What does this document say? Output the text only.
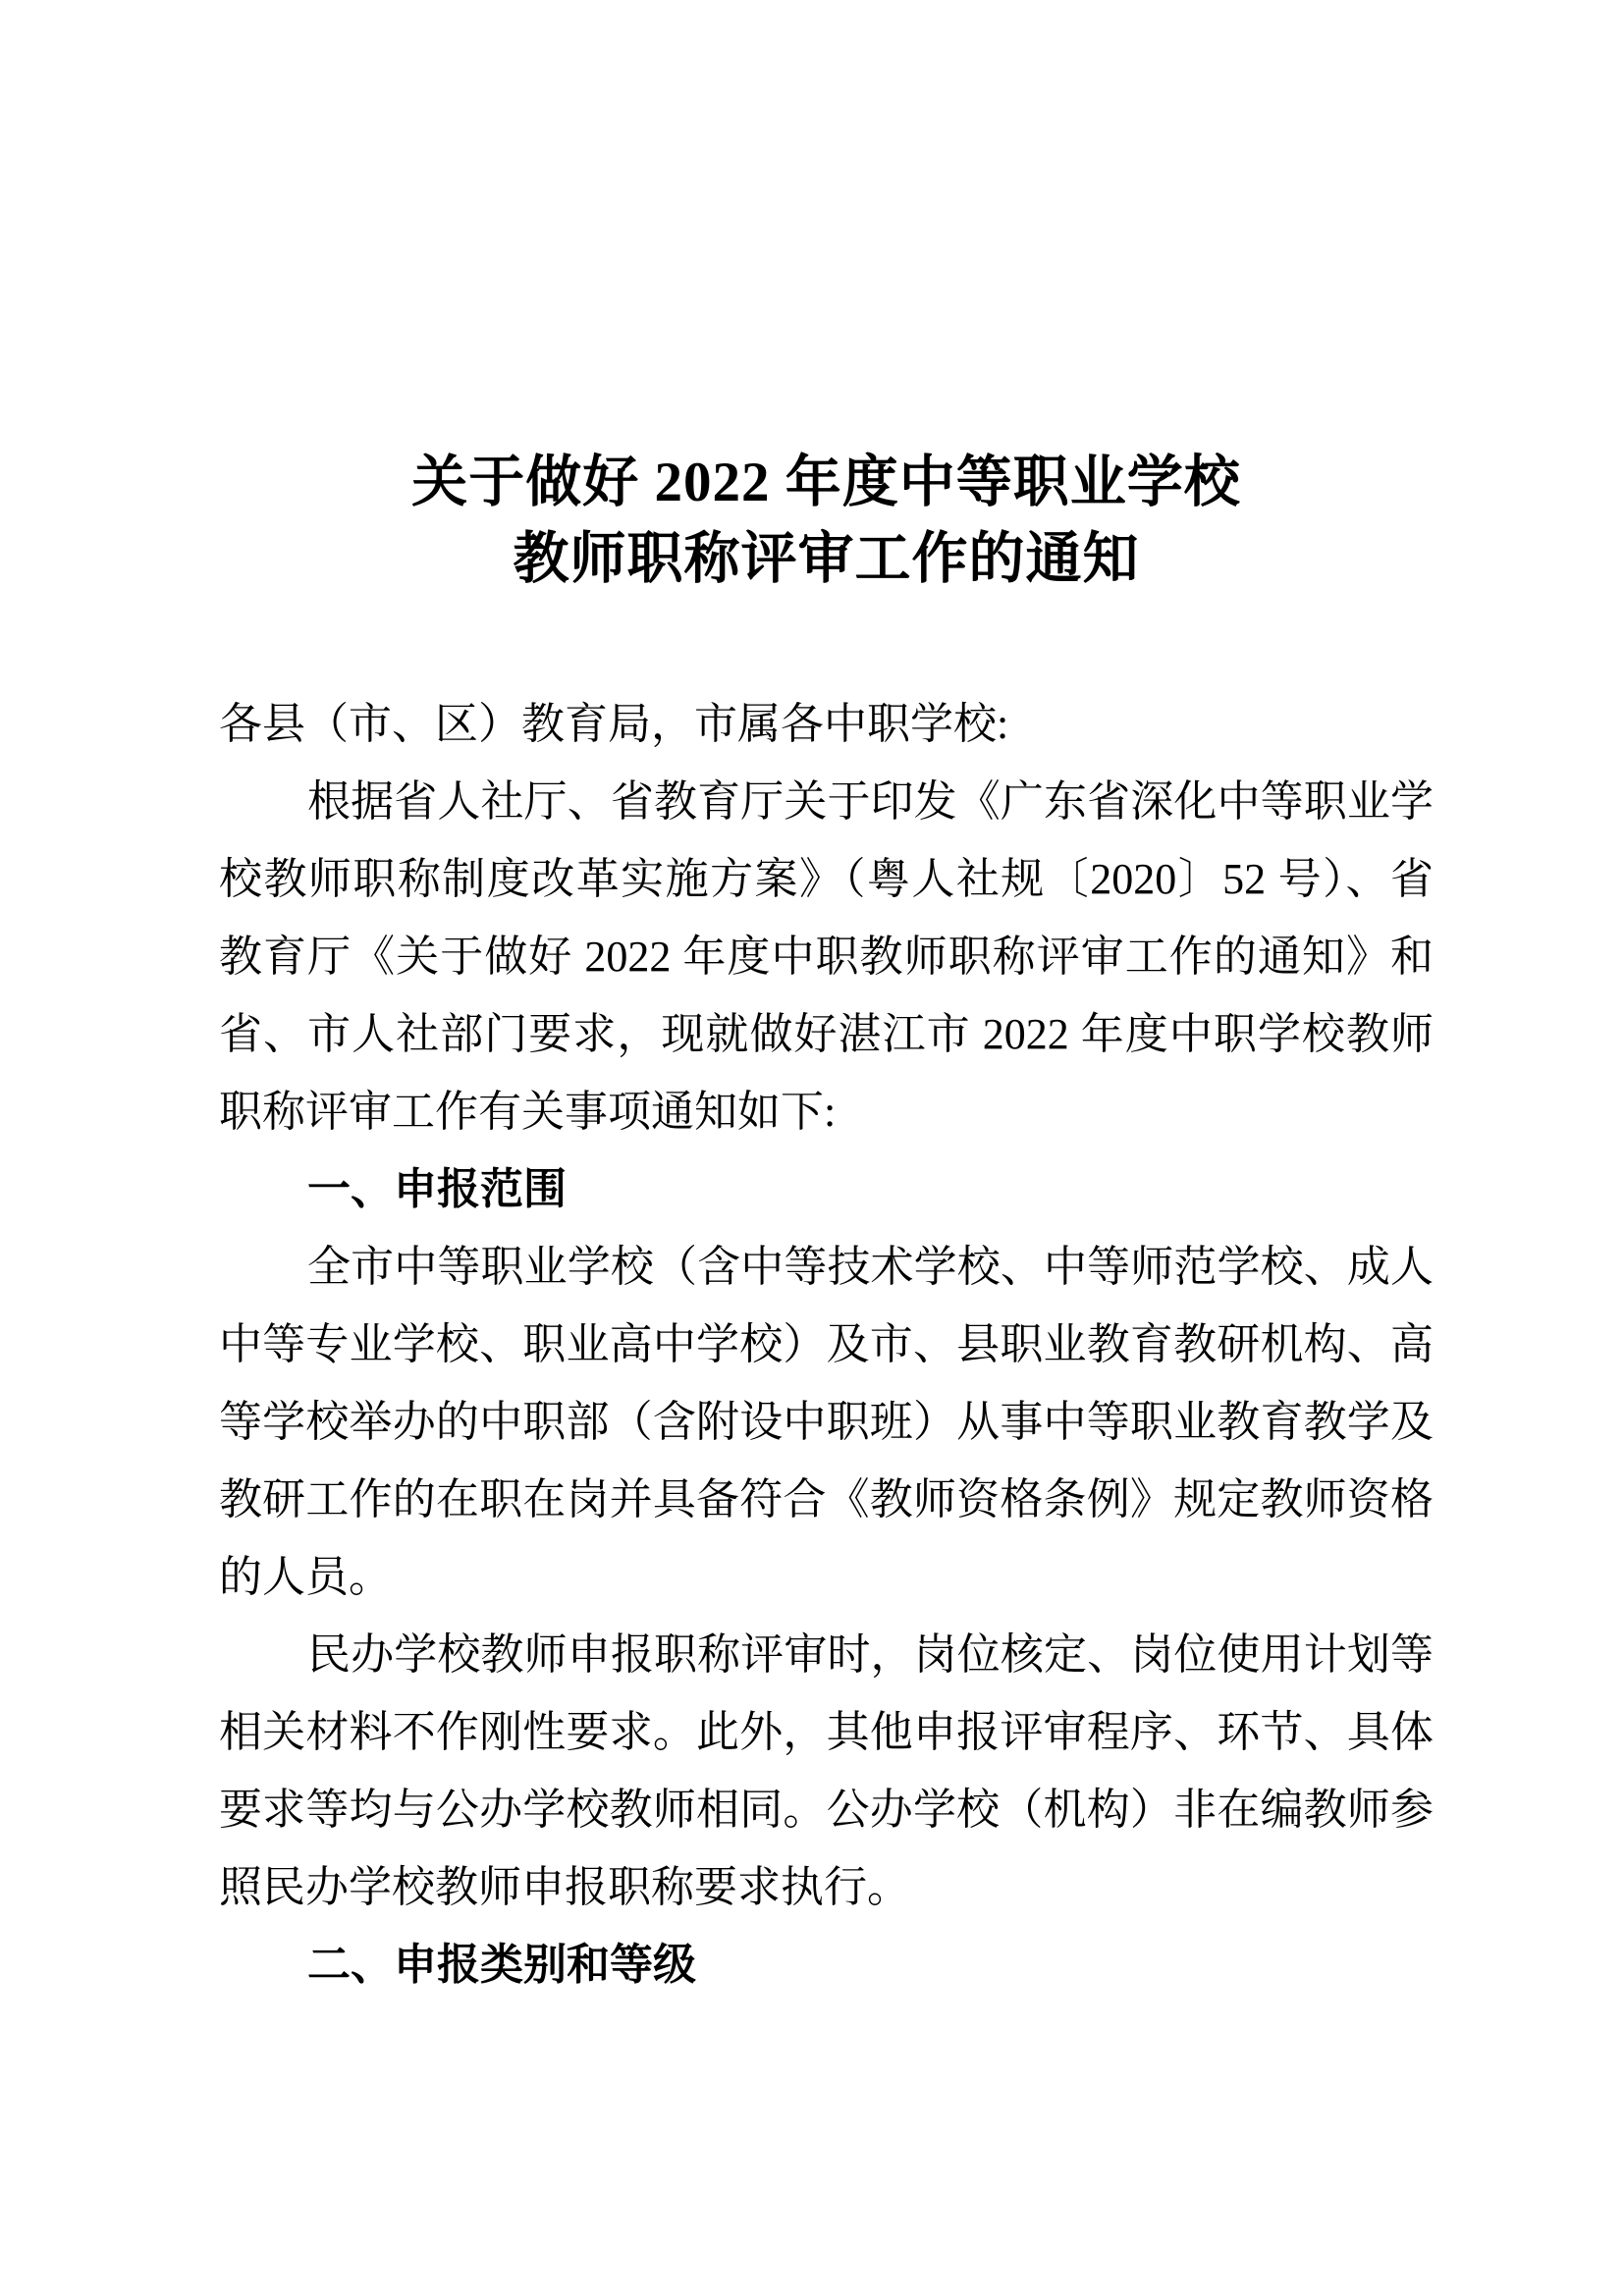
关于做好 2022 年度中等职业学校
教师职称评审工作的通知
各县（市、区）教育局，市属各中职学校:
根据省人社厅、省教育厅关于印发《广东省深化中等职业学
校教师职称制度改革实施方案》（粤人社规〔2020〕52 号）、省
教育厅《关于做好 2022 年度中职教师职称评审工作的通知》和
省、市人社部门要求，现就做好湛江市 2022 年度中职学校教师
职称评审工作有关事项通知如下:
一、申报范围
全市中等职业学校（含中等技术学校、中等师范学校、成人
中等专业学校、职业高中学校）及市、县职业教育教研机构、高
等学校举办的中职部（含附设中职班）从事中等职业教育教学及
教研工作的在职在岗并具备符合《教师资格条例》规定教师资格
的人员。
民办学校教师申报职称评审时，岗位核定、岗位使用计划等
相关材料不作刚性要求。此外，其他申报评审程序、环节、具体
要求等均与公办学校教师相同。公办学校（机构）非在编教师参
照民办学校教师申报职称要求执行。
二、申报类别和等级
